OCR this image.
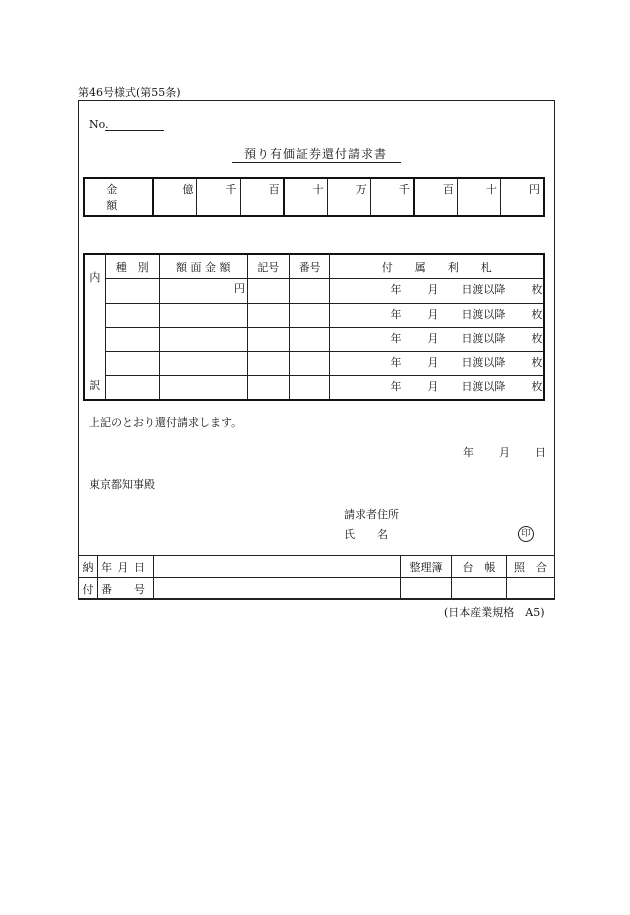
第46号様式(第55条)
No.
預り有価証券還付請求書
金　額	億	千	百	十	万	千	百	十	円
内
訳	種　別	額 面 金 額	記号	番号	付　　属　　利　　札
		円			年 月 日渡以降 枚

					年 月 日渡以降 枚

					年 月 日渡以降 枚

					年 月 日渡以降 枚

					年 月 日渡以降 枚
上記のとおり還付請求します。
年 月 日
東京都知事殿
請求者住所
氏　　名	印
納	年 月 日		整理簿	台　帳	照　合
付	番　　号				
(日本産業規格　A5)
